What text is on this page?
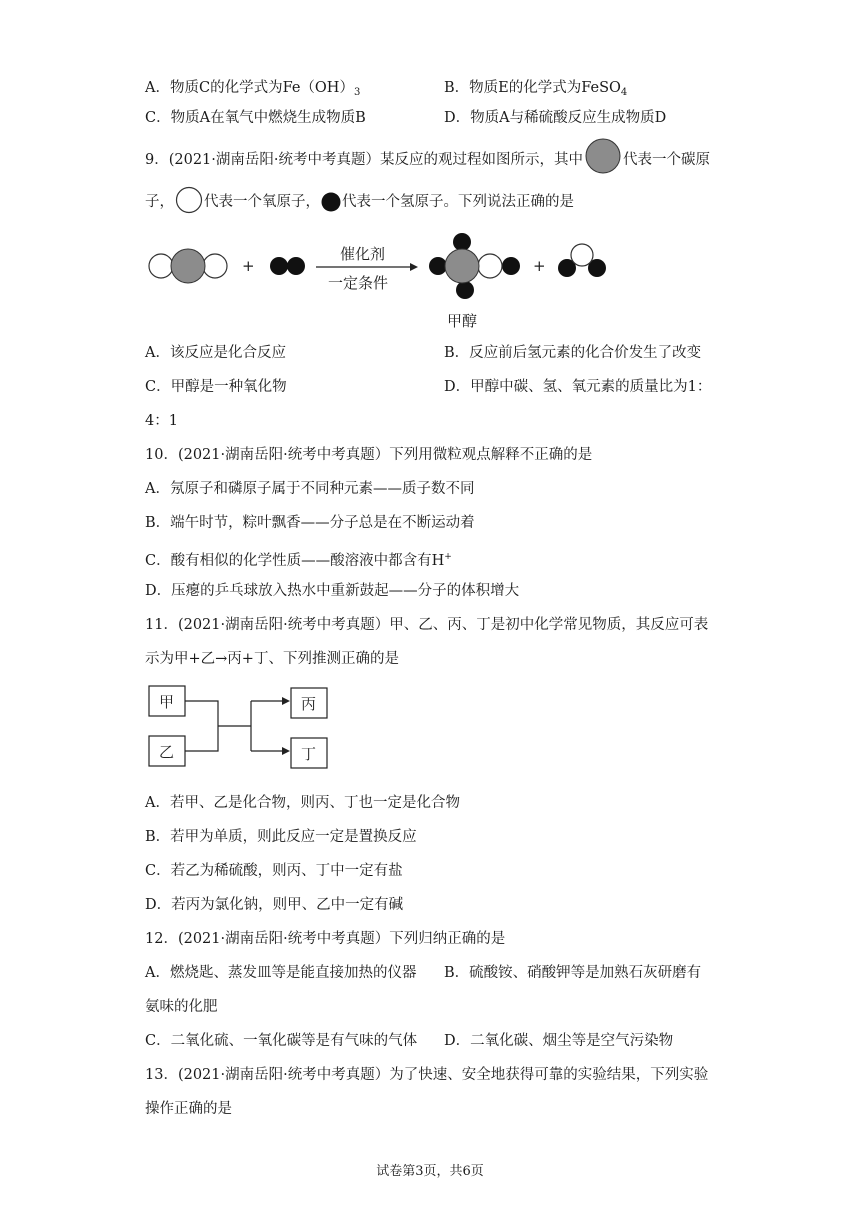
A．物质C的化学式为$Fe(OH)_3$	B．物质E的化学式为FeSO$_4$
C．物质A在氧气中燃烧生成物质B	D．物质A与稀硫酸反应生成物质D
9．(2021·湖南岳阳·统考中考真题）某反应的观过程如图所示，其中	代表一个碳原
子， 代表一个氧原子， 代表一个氢原子。下列说法正确的是
+
催化剂
一定条件
甲醇
+
A．该反应是化合反应	B．反应前后氢元素的化合价发生了改变
C．甲醇是一种氧化物	D．甲醇中碳、氢、氧元素的质量比为1：
4：1
10．(2021·湖南岳阳·统考中考真题）下列用微粒观点解释不正确的是
A．氖原子和磷原子属于不同种元素——质子数不同
B．端午时节，粽叶飘香——分子总是在不断运动着
C．酸有相似的化学性质——酸溶液中都含有H+
D．压瘪的乒乓球放入热水中重新鼓起——分子的体积增大
11．(2021·湖南岳阳·统考中考真题）甲、乙、丙、丁是初中化学常见物质，其反应可表
示为甲+乙→丙+丁、下列推测正确的是
甲
乙
丙
丁
A．若甲、乙是化合物，则丙、丁也一定是化合物
B．若甲为单质，则此反应一定是置换反应
C．若乙为稀硫酸，则丙、丁中一定有盐
D．若丙为氯化钠，则甲、乙中一定有碱
12．(2021·湖南岳阳·统考中考真题）下列归纳正确的是
A．燃烧匙、蒸发皿等是能直接加热的仪器 B．硫酸铵、硝酸钾等是加熟石灰研磨有
氨味的化肥
C．二氧化硫、一氧化碳等是有气味的气体 D．二氧化碳、烟尘等是空气污染物
13．(2021·湖南岳阳·统考中考真题）为了快速、安全地获得可靠的实验结果，下列实验
操作正确的是
试卷第3页，共6页
